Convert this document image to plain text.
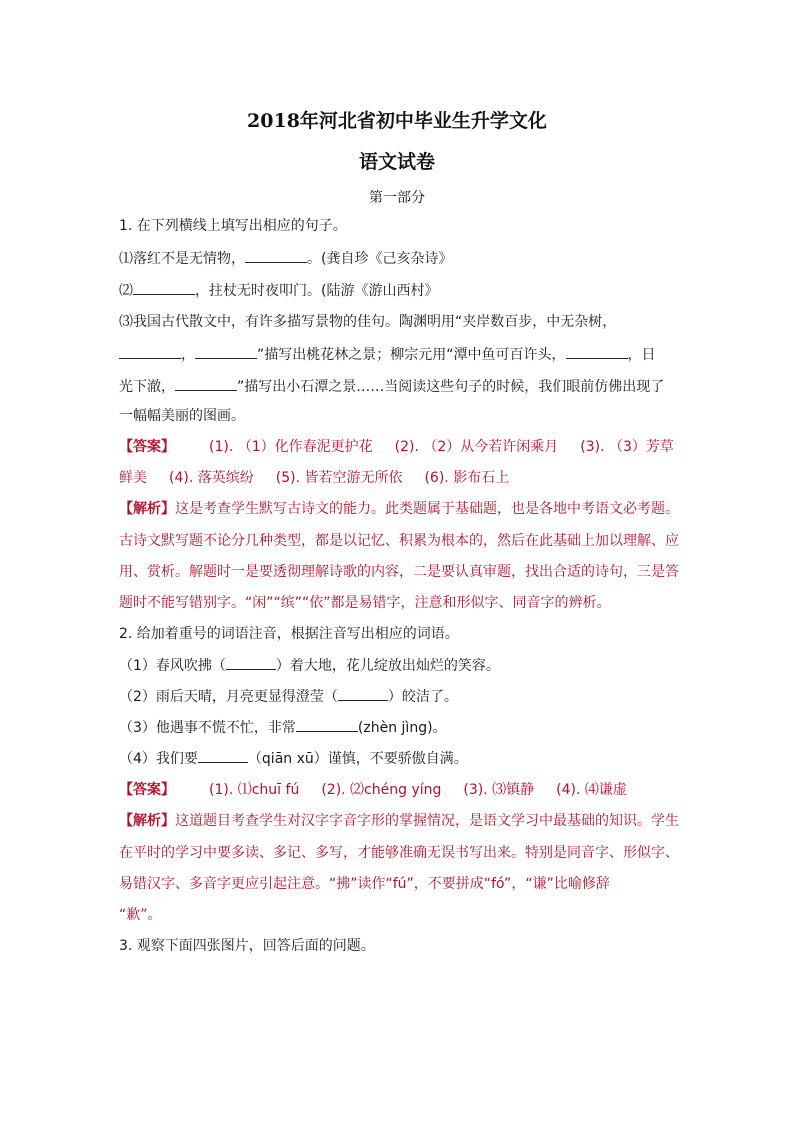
2018年河北省初中毕业生升学文化
语文试卷
第一部分
1. 在下列横线上填写出相应的句子。
⑴落红不是无情物，	。(龚自珍《己亥杂诗》
⑵	，拄杖无时夜叩门。(陆游《游山西村》
⑶我国古代散文中，有许多描写景物的佳句。陶渊明用“夹岸数百步，中无杂树，
，	”描写出桃花林之景；柳宗元用“潭中鱼可百许头，	，日
光下澈，	”描写出小石潭之景……当阅读这些句子的时候，我们眼前仿佛出现了
一幅幅美丽的图画。
【答案】 (1). （1）化作春泥更护花 (2). （2）从今若许闲乘月 (3). （3）芳草
鲜美 (4). 落英缤纷 (5). 皆若空游无所依 (6). 影布石上
【解析】这是考查学生默写古诗文的能力。此类题属于基础题，也是各地中考语文必考题。
古诗文默写题不论分几种类型，都是以记忆、积累为根本的，然后在此基础上加以理解、应
用、赏析。解题时一是要透彻理解诗歌的内容，二是要认真审题，找出合适的诗句，三是答
题时不能写错别字。“闲”“缤”“依”都是易错字，注意和形似字、同音字的辨析。
2. 给加着重号的词语注音，根据注音写出相应的词语。
（1）春风吹拂（	）着大地，花儿绽放出灿烂的笑容。
（2）雨后天晴，月亮更显得澄莹（	）皎洁了。
（3）他遇事不慌不忙，非常	(zhèn jìng)。
（4）我们要	（qiān xū）谨慎，不要骄傲自满。
【答案】 (1). ⑴chuī fú (2). ⑵chéng yíng (3). ⑶镇静 (4). ⑷谦虚
【解析】这道题目考查学生对汉字字音字形的掌握情况，是语文学习中最基础的知识。学生
在平时的学习中要多读、多记、多写，才能够准确无误书写出来。特别是同音字、形似字、
易错汉字、多音字更应引起注意。“拂”读作“fú”，不要拼成“fó”，“谦”比喻修辞
“歉”。
3. 观察下面四张图片，回答后面的问题。
